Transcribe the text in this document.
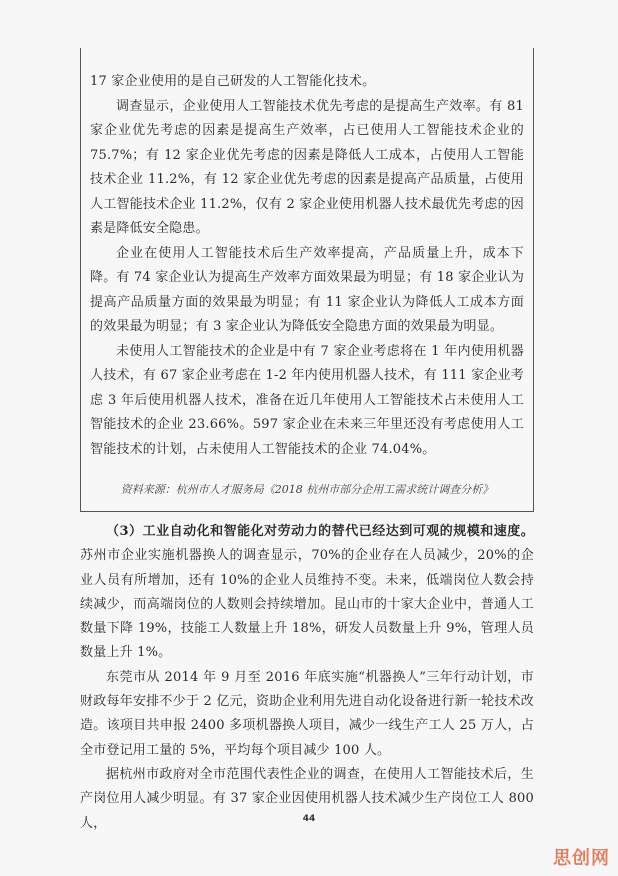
17 家企业使用的是自己研发的人工智能化技术。

调查显示，企业使用人工智能技术优先考虑的是提高生产效率。有 81 家企业优先考虑的因素是提高生产效率，占已使用人工智能技术企业的 75.7%；有 12 家企业优先考虑的因素是降低人工成本，占使用人工智能技术企业 11.2%，有 12 家企业优先考虑的因素是提高产品质量，占使用人工智能技术企业 11.2%，仅有 2 家企业使用机器人技术最优先考虑的因素是降低安全隐患。

企业在使用人工智能技术后生产效率提高，产品质量上升，成本下降。有 74 家企业认为提高生产效率方面效果最为明显；有 18 家企业认为提高产品质量方面的效果最为明显；有 11 家企业认为降低人工成本方面的效果最为明显；有 3 家企业认为降低安全隐患方面的效果最为明显。

未使用人工智能技术的企业是中有 7 家企业考虑将在 1 年内使用机器人技术，有 67 家企业考虑在 1-2 年内使用机器人技术，有 111 家企业考虑 3 年后使用机器人技术，准备在近几年使用人工智能技术占未使用人工智能技术的企业 23.66%。597 家企业在未来三年里还没有考虑使用人工智能技术的计划，占未使用人工智能技术的企业 74.04%。

资料来源：杭州市人才服务局《2018 杭州市部分企用工需求统计调查分析》

（3）工业自动化和智能化对劳动力的替代已经达到可观的规模和速度。苏州市企业实施机器换人的调查显示，70%的企业存在人员减少，20%的企业人员有所增加，还有 10%的企业人员维持不变。未来，低端岗位人数会持续减少，而高端岗位的人数则会持续增加。昆山市的十家大企业中，普通人工数量下降 19%，技能工人数量上升 18%，研发人员数量上升 9%，管理人员数量上升 1%。

东莞市从 2014 年 9 月至 2016 年底实施“机器换人”三年行动计划，市财政每年安排不少于 2 亿元，资助企业利用先进自动化设备进行新一轮技术改造。该项目共申报 2400 多项机器换人项目，减少一线生产工人 25 万人，占全市登记用工量的 5%，平均每个项目减少 100 人。

据杭州市政府对全市范围代表性企业的调查，在使用人工智能技术后，生产岗位用人减少明显。有 37 家企业因使用机器人技术减少生产岗位工人 800 人，	44
思创网
